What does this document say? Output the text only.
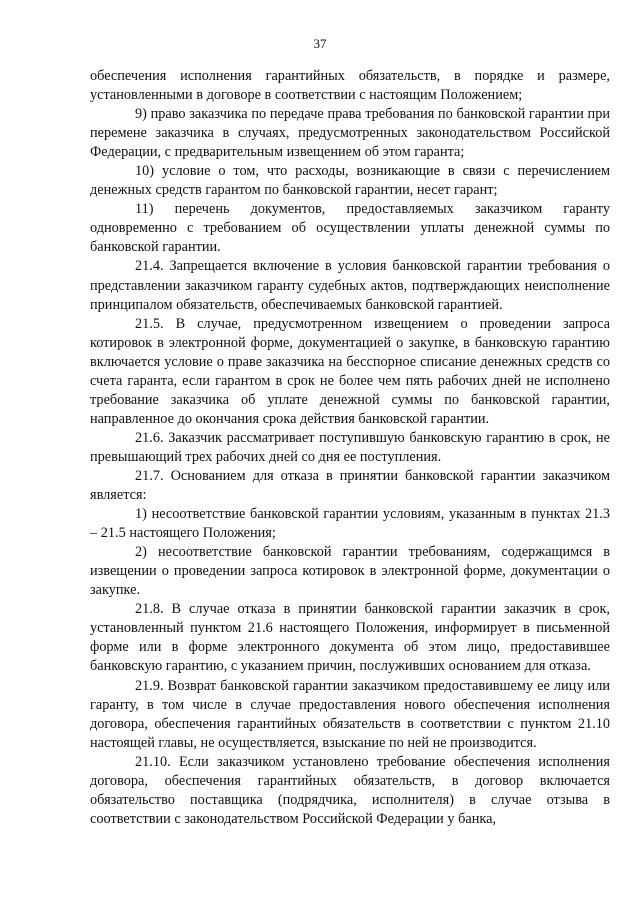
37

обеспечения исполнения гарантийных обязательств, в порядке и размере, установленными в договоре в соответствии с настоящим Положением;

9) право заказчика по передаче права требования по банковской гарантии при перемене заказчика в случаях, предусмотренных законодательством Российской Федерации, с предварительным извещением об этом гаранта;

10) условие о том, что расходы, возникающие в связи с перечислением денежных средств гарантом по банковской гарантии, несет гарант;

11) перечень документов, предоставляемых заказчиком гаранту одновременно с требованием об осуществлении уплаты денежной суммы по банковской гарантии.

21.4. Запрещается включение в условия банковской гарантии требования о представлении заказчиком гаранту судебных актов, подтверждающих неисполнение принципалом обязательств, обеспечиваемых банковской гарантией.

21.5. В случае, предусмотренном извещением о проведении запроса котировок в электронной форме, документацией о закупке, в банковскую гарантию включается условие о праве заказчика на бесспорное списание денежных средств со счета гаранта, если гарантом в срок не более чем пять рабочих дней не исполнено требование заказчика об уплате денежной суммы по банковской гарантии, направленное до окончания срока действия банковской гарантии.

21.6. Заказчик рассматривает поступившую банковскую гарантию в срок, не превышающий трех рабочих дней со дня ее поступления.

21.7. Основанием для отказа в принятии банковской гарантии заказчиком является:

1) несоответствие банковской гарантии условиям, указанным в пунктах 21.3 – 21.5 настоящего Положения;

2) несоответствие банковской гарантии требованиям, содержащимся в извещении о проведении запроса котировок в электронной форме, документации о закупке.

21.8. В случае отказа в принятии банковской гарантии заказчик в срок, установленный пунктом 21.6 настоящего Положения, информирует в письменной форме или в форме электронного документа об этом лицо, предоставившее банковскую гарантию, с указанием причин, послуживших основанием для отказа.

21.9. Возврат банковской гарантии заказчиком предоставившему ее лицу или гаранту, в том числе в случае предоставления нового обеспечения исполнения договора, обеспечения гарантийных обязательств в соответствии с пунктом 21.10 настоящей главы, не осуществляется, взыскание по ней не производится.

21.10. Если заказчиком установлено требование обеспечения исполнения договора, обеспечения гарантийных обязательств, в договор включается обязательство поставщика (подрядчика, исполнителя) в случае отзыва в соответствии с законодательством Российской Федерации у банка,
